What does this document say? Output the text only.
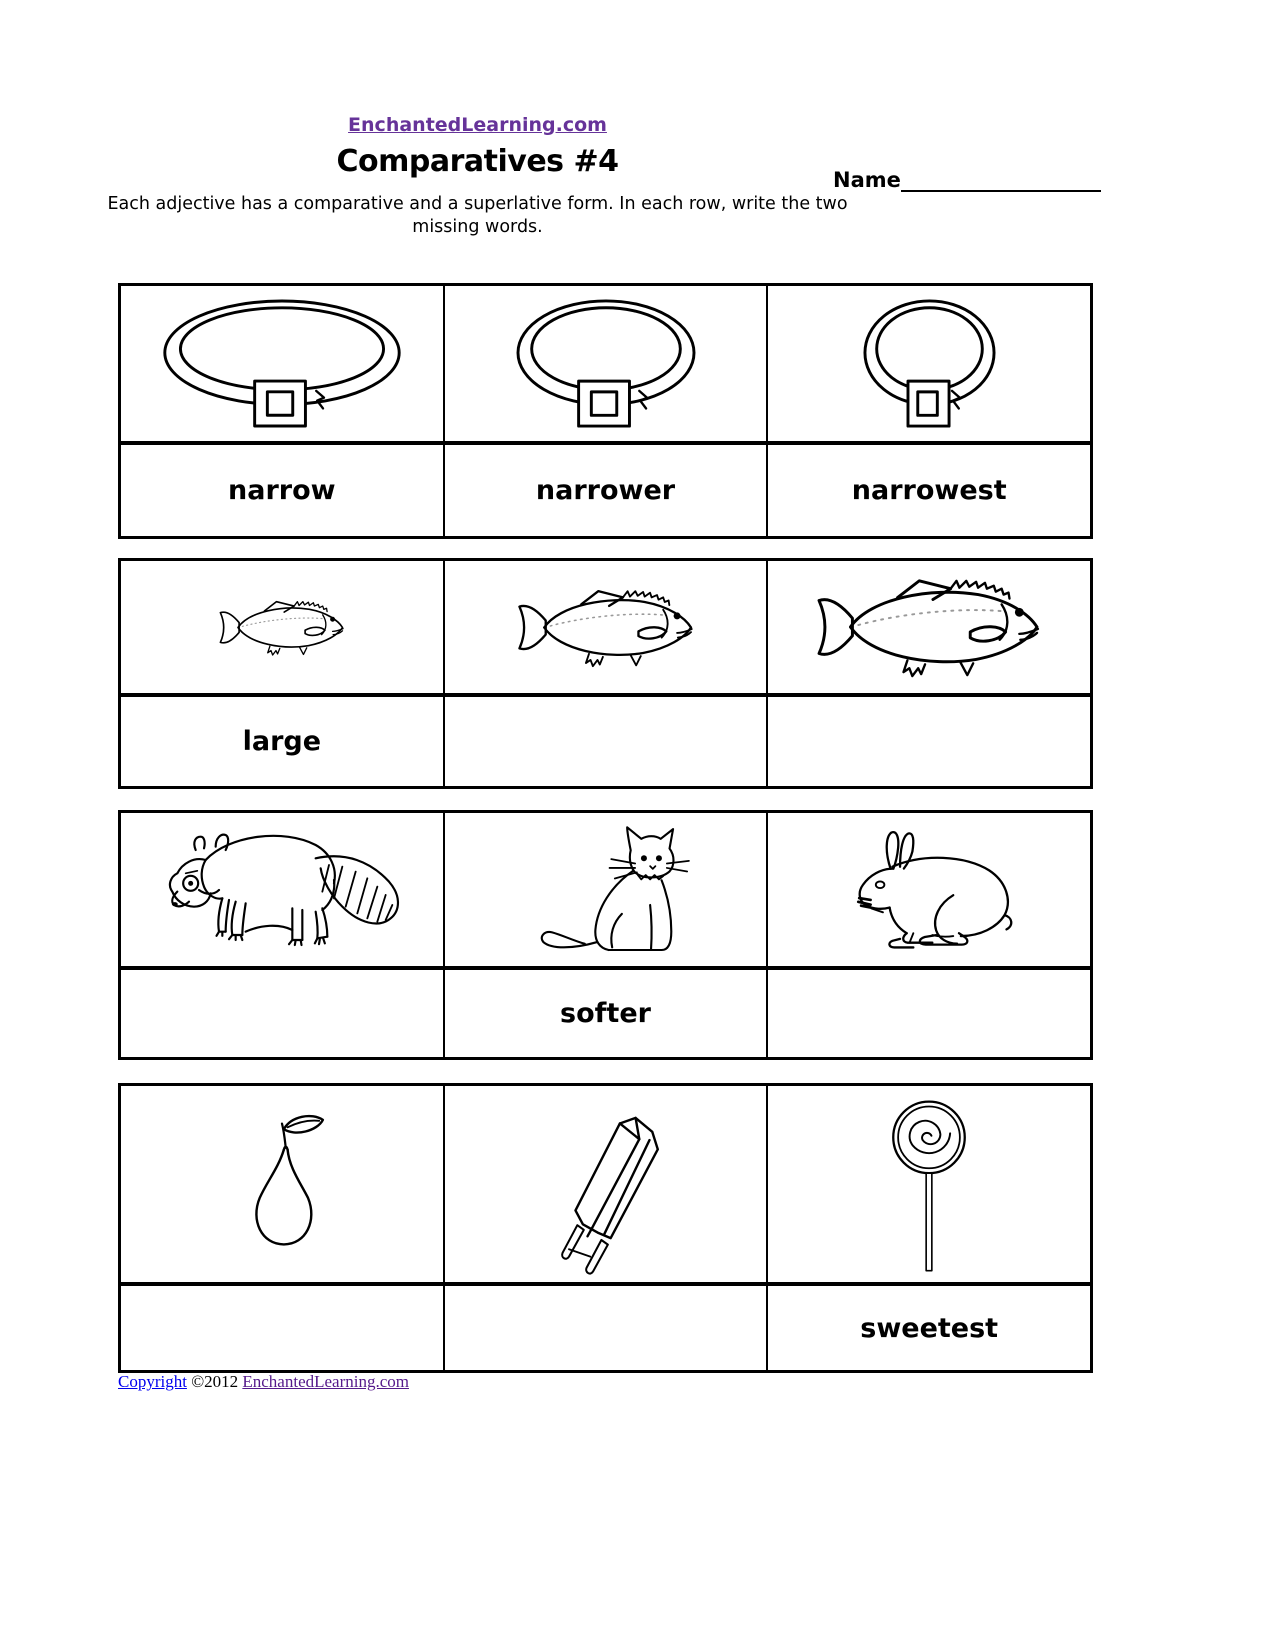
EnchantedLearning.com
Comparatives #4
Name
Each adjective has a comparative and a superlative form. In each row, write the two
missing words.
narrow	narrower	narrowest
large
softer
sweetest
Copyright ©2012 EnchantedLearning.com
